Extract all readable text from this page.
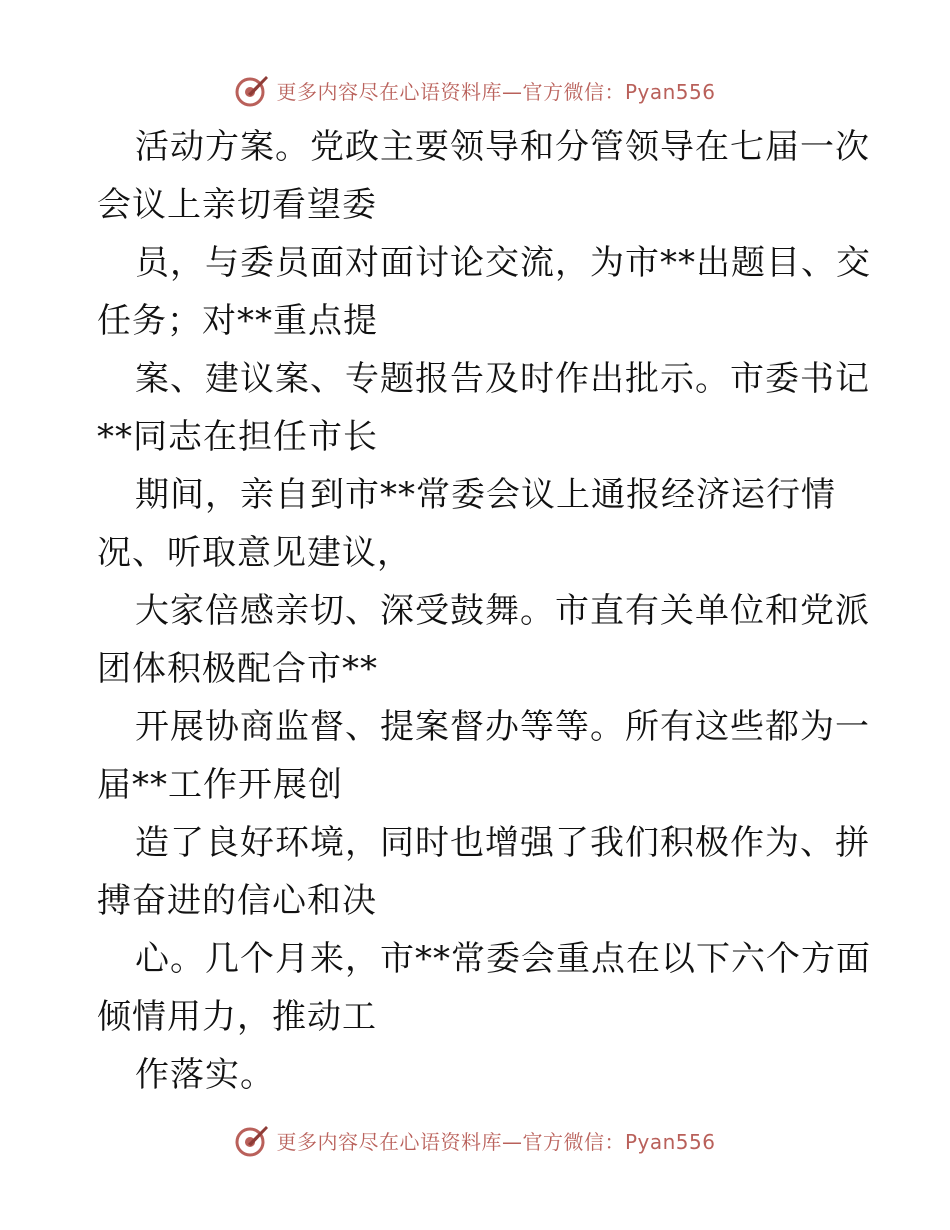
更多内容尽在心语资料库—官方微信：Pyan556
活动方案。党政主要领导和分管领导在七届一次
会议上亲切看望委
员，与委员面对面讨论交流，为市**出题目、交
任务；对**重点提
案、建议案、专题报告及时作出批示。市委书记
**同志在担任市长
期间，亲自到市**常委会议上通报经济运行情
况、听取意见建议，
大家倍感亲切、深受鼓舞。市直有关单位和党派
团体积极配合市**
开展协商监督、提案督办等等。所有这些都为一
届**工作开展创
造了良好环境，同时也增强了我们积极作为、拼
搏奋进的信心和决
心。几个月来，市**常委会重点在以下六个方面
倾情用力，推动工
作落实。
更多内容尽在心语资料库—官方微信：Pyan556
